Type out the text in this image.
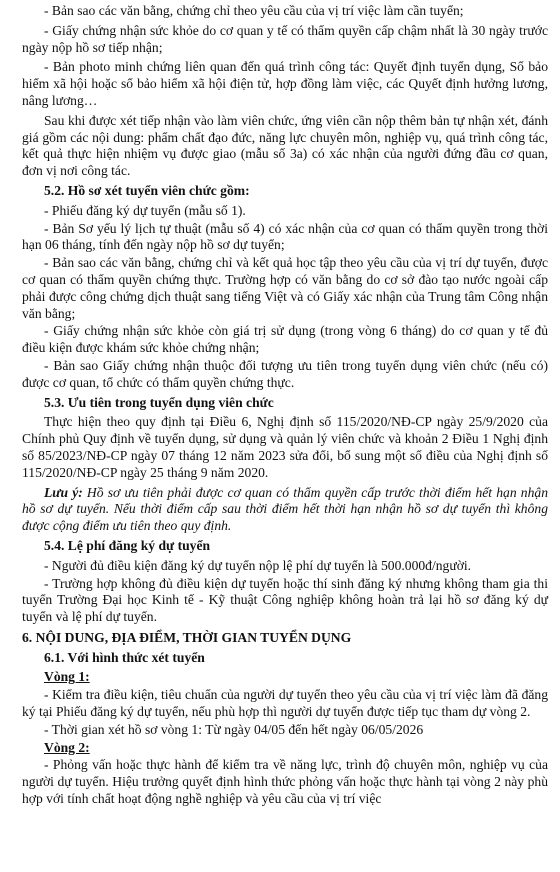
- Bản sao các văn bằng, chứng chỉ theo yêu cầu của vị trí việc làm cần tuyển;

- Giấy chứng nhận sức khỏe do cơ quan y tế có thẩm quyền cấp chậm nhất là 30 ngày trước ngày nộp hồ sơ tiếp nhận;

- Bản photo minh chứng liên quan đến quá trình công tác: Quyết định tuyển dụng, Sổ bảo hiểm xã hội hoặc sổ bảo hiểm xã hội điện tử, hợp đồng làm việc, các Quyết định hưởng lương, nâng lương…

Sau khi được xét tiếp nhận vào làm viên chức, ứng viên cần nộp thêm bản tự nhận xét, đánh giá gồm các nội dung: phẩm chất đạo đức, năng lực chuyên môn, nghiệp vụ, quá trình công tác, kết quả thực hiện nhiệm vụ được giao (mẫu số 3a) có xác nhận của người đứng đầu cơ quan, đơn vị nơi công tác.

5.2. Hồ sơ xét tuyển viên chức gồm:

- Phiếu đăng ký dự tuyển (mẫu số 1).

- Bản Sơ yếu lý lịch tự thuật (mẫu số 4) có xác nhận của cơ quan có thẩm quyền trong thời hạn 06 tháng, tính đến ngày nộp hồ sơ dự tuyển;

- Bản sao các văn bằng, chứng chỉ và kết quả học tập theo yêu cầu của vị trí dự tuyển, được cơ quan có thẩm quyền chứng thực. Trường hợp có văn bằng do cơ sở đào tạo nước ngoài cấp phải được công chứng dịch thuật sang tiếng Việt và có Giấy xác nhận của Trung tâm Công nhận văn bằng;

- Giấy chứng nhận sức khỏe còn giá trị sử dụng (trong vòng 6 tháng) do cơ quan y tế đủ điều kiện được khám sức khỏe chứng nhận;

- Bản sao Giấy chứng nhận thuộc đối tượng ưu tiên trong tuyển dụng viên chức (nếu có) được cơ quan, tổ chức có thẩm quyền chứng thực.

5.3. Ưu tiên trong tuyển dụng viên chức

Thực hiện theo quy định tại Điều 6, Nghị định số 115/2020/NĐ-CP ngày 25/9/2020 của Chính phủ Quy định về tuyển dụng, sử dụng và quản lý viên chức và khoản 2 Điều 1 Nghị định số 85/2023/NĐ-CP ngày 07 tháng 12 năm 2023 sửa đổi, bổ sung một số điều của Nghị định số 115/2020/NĐ-CP ngày 25 tháng 9 năm 2020.

Lưu ý: Hồ sơ ưu tiên phải được cơ quan có thẩm quyền cấp trước thời điểm hết hạn nhận hồ sơ dự tuyển. Nếu thời điểm cấp sau thời điểm hết thời hạn nhận hồ sơ dự tuyển thì không được cộng điểm ưu tiên theo quy định.

5.4. Lệ phí đăng ký dự tuyển

- Người đủ điều kiện đăng ký dự tuyển nộp lệ phí dự tuyển là 500.000đ/người.

- Trường hợp không đủ điều kiện dự tuyển hoặc thí sinh đăng ký nhưng không tham gia thi tuyển Trường Đại học Kinh tế - Kỹ thuật Công nghiệp không hoàn trả lại hồ sơ đăng ký dự tuyển và lệ phí dự tuyển.

6. NỘI DUNG, ĐỊA ĐIỂM, THỜI GIAN TUYỂN DỤNG

6.1. Với hình thức xét tuyển

Vòng 1:

- Kiểm tra điều kiện, tiêu chuẩn của người dự tuyển theo yêu cầu của vị trí việc làm đã đăng ký tại Phiếu đăng ký dự tuyển, nếu phù hợp thì người dự tuyển được tiếp tục tham dự vòng 2.

- Thời gian xét hồ sơ vòng 1: Từ ngày 04/05 đến hết ngày 06/05/2026

Vòng 2:

- Phỏng vấn hoặc thực hành để kiểm tra về năng lực, trình độ chuyên môn, nghiệp vụ của người dự tuyển. Hiệu trưởng quyết định hình thức phỏng vấn hoặc thực hành tại vòng 2 này phù hợp với tính chất hoạt động nghề nghiệp và yêu cầu của vị trí việc
